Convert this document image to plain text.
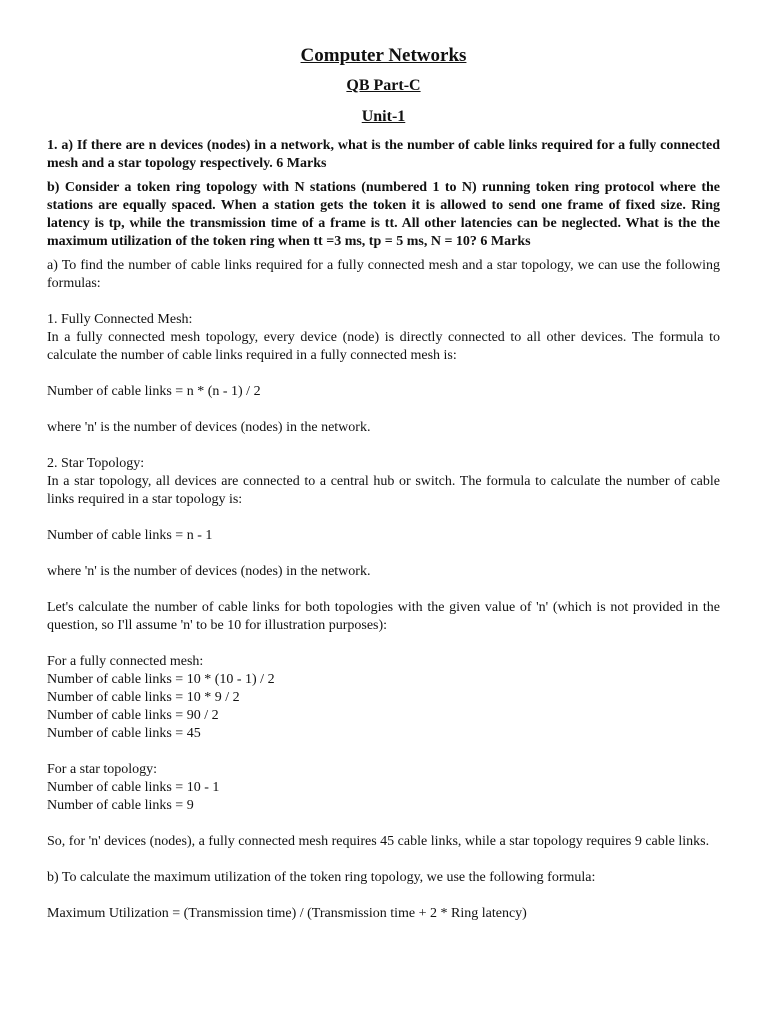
Computer Networks
QB Part-C
Unit-1
1. a) If there are n devices (nodes) in a network, what is the number of cable links required for a fully connected mesh and a star topology respectively. 6 Marks
b) Consider a token ring topology with N stations (numbered 1 to N) running token ring protocol where the stations are equally spaced. When a station gets the token it is allowed to send one frame of fixed size. Ring latency is tp, while the transmission time of a frame is tt. All other latencies can be neglected. What is the the maximum utilization of the token ring when tt =3 ms, tp = 5 ms, N = 10? 6 Marks

a) To find the number of cable links required for a fully connected mesh and a star topology, we can use the following formulas:

1. Fully Connected Mesh:

In a fully connected mesh topology, every device (node) is directly connected to all other devices. The formula to calculate the number of cable links required in a fully connected mesh is:

Number of cable links = n * (n - 1) / 2

where 'n' is the number of devices (nodes) in the network.

2. Star Topology:

In a star topology, all devices are connected to a central hub or switch. The formula to calculate the number of cable links required in a star topology is:

Number of cable links = n - 1

where 'n' is the number of devices (nodes) in the network.

Let's calculate the number of cable links for both topologies with the given value of 'n' (which is not provided in the question, so I'll assume 'n' to be 10 for illustration purposes):

For a fully connected mesh:

Number of cable links = 10 * (10 - 1) / 2

Number of cable links = 10 * 9 / 2

Number of cable links = 90 / 2

Number of cable links = 45

For a star topology:

Number of cable links = 10 - 1

Number of cable links = 9

So, for 'n' devices (nodes), a fully connected mesh requires 45 cable links, while a star topology requires 9 cable links.

b) To calculate the maximum utilization of the token ring topology, we use the following formula:

Maximum Utilization = (Transmission time) / (Transmission time + 2 * Ring latency)
